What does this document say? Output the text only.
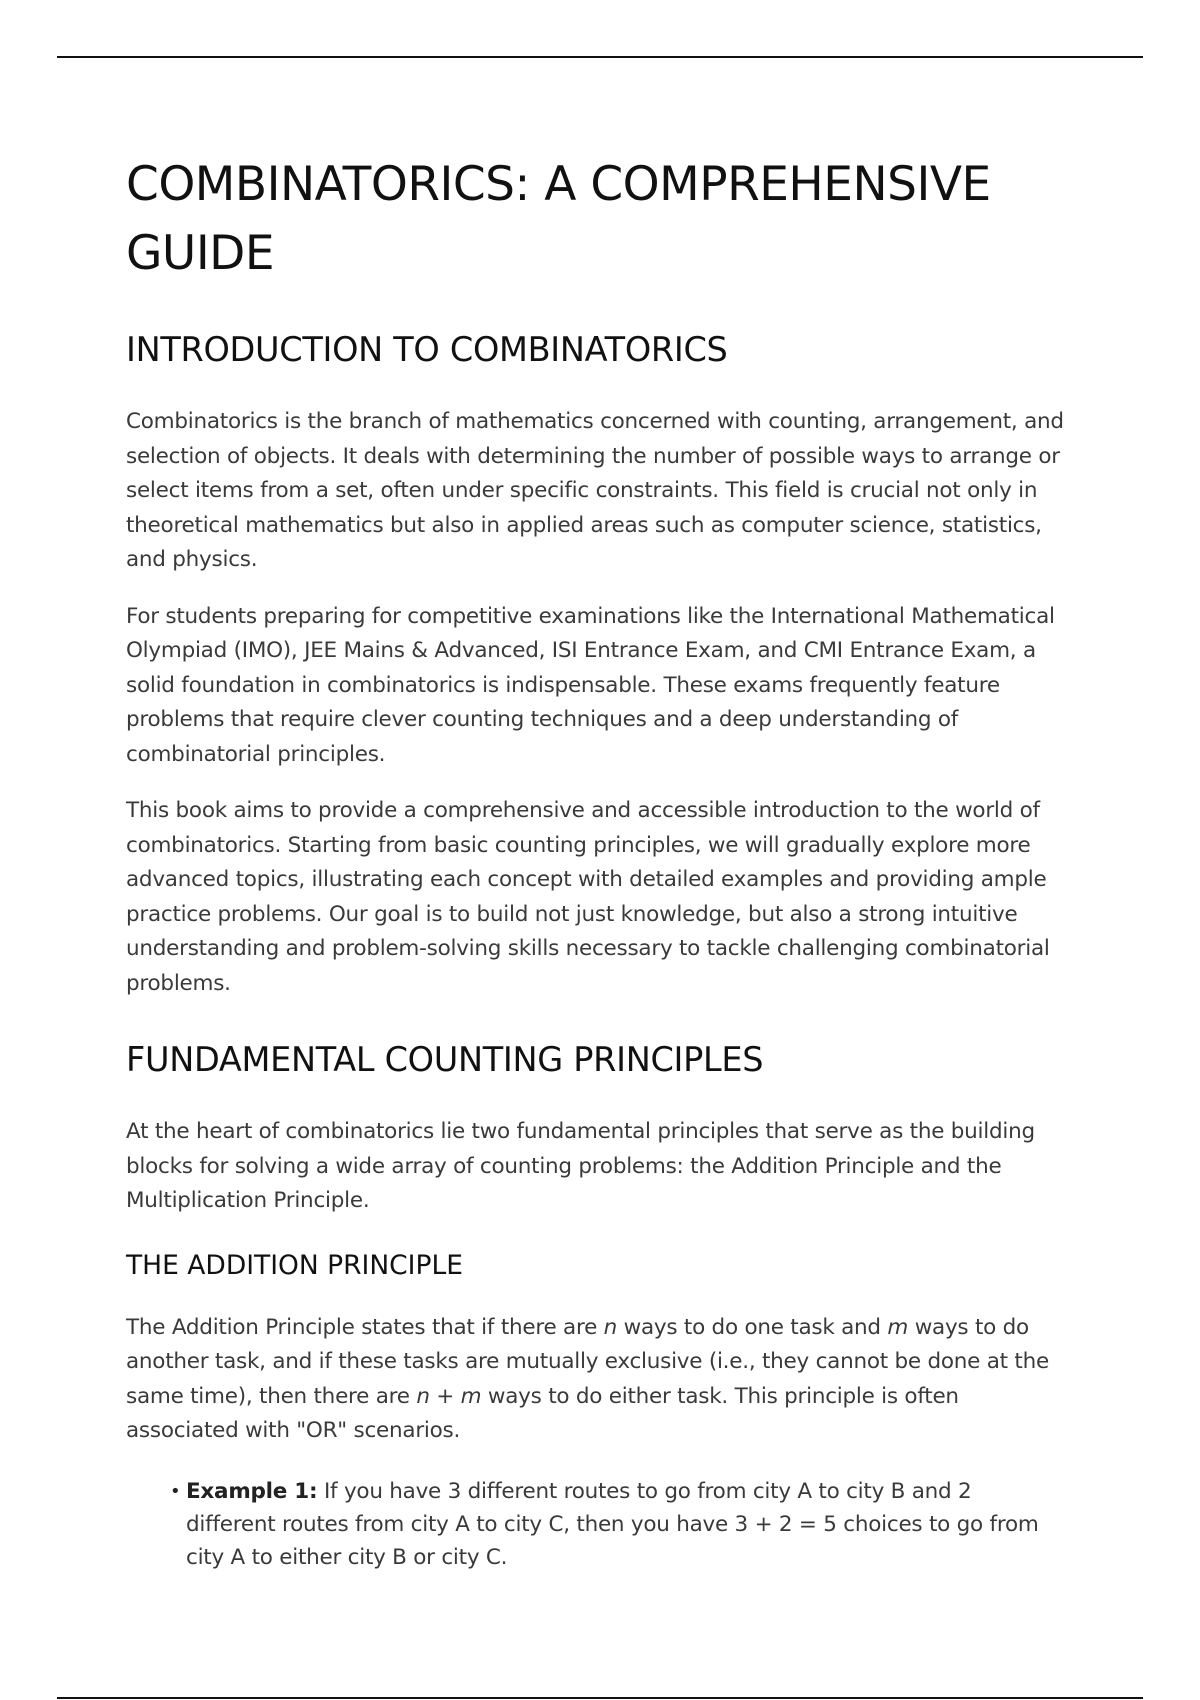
COMBINATORICS: A COMPREHENSIVE GUIDE
INTRODUCTION TO COMBINATORICS

Combinatorics is the branch of mathematics concerned with counting, arrangement, and selection of objects. It deals with determining the number of possible ways to arrange or select items from a set, often under specific constraints. This field is crucial not only in theoretical mathematics but also in applied areas such as computer science, statistics, and physics.

For students preparing for competitive examinations like the International Mathematical Olympiad (IMO), JEE Mains & Advanced, ISI Entrance Exam, and CMI Entrance Exam, a solid foundation in combinatorics is indispensable. These exams frequently feature problems that require clever counting techniques and a deep understanding of combinatorial principles.

This book aims to provide a comprehensive and accessible introduction to the world of combinatorics. Starting from basic counting principles, we will gradually explore more advanced topics, illustrating each concept with detailed examples and providing ample practice problems. Our goal is to build not just knowledge, but also a strong intuitive understanding and problem-solving skills necessary to tackle challenging combinatorial problems.

FUNDAMENTAL COUNTING PRINCIPLES

At the heart of combinatorics lie two fundamental principles that serve as the building blocks for solving a wide array of counting problems: the Addition Principle and the Multiplication Principle.

THE ADDITION PRINCIPLE

The Addition Principle states that if there are n ways to do one task and m ways to do another task, and if these tasks are mutually exclusive (i.e., they cannot be done at the same time), then there are n + m ways to do either task. This principle is often associated with "OR" scenarios.

• Example 1: If you have 3 different routes to go from city A to city B and 2 different routes from city A to city C, then you have 3 + 2 = 5 choices to go from city A to either city B or city C.
